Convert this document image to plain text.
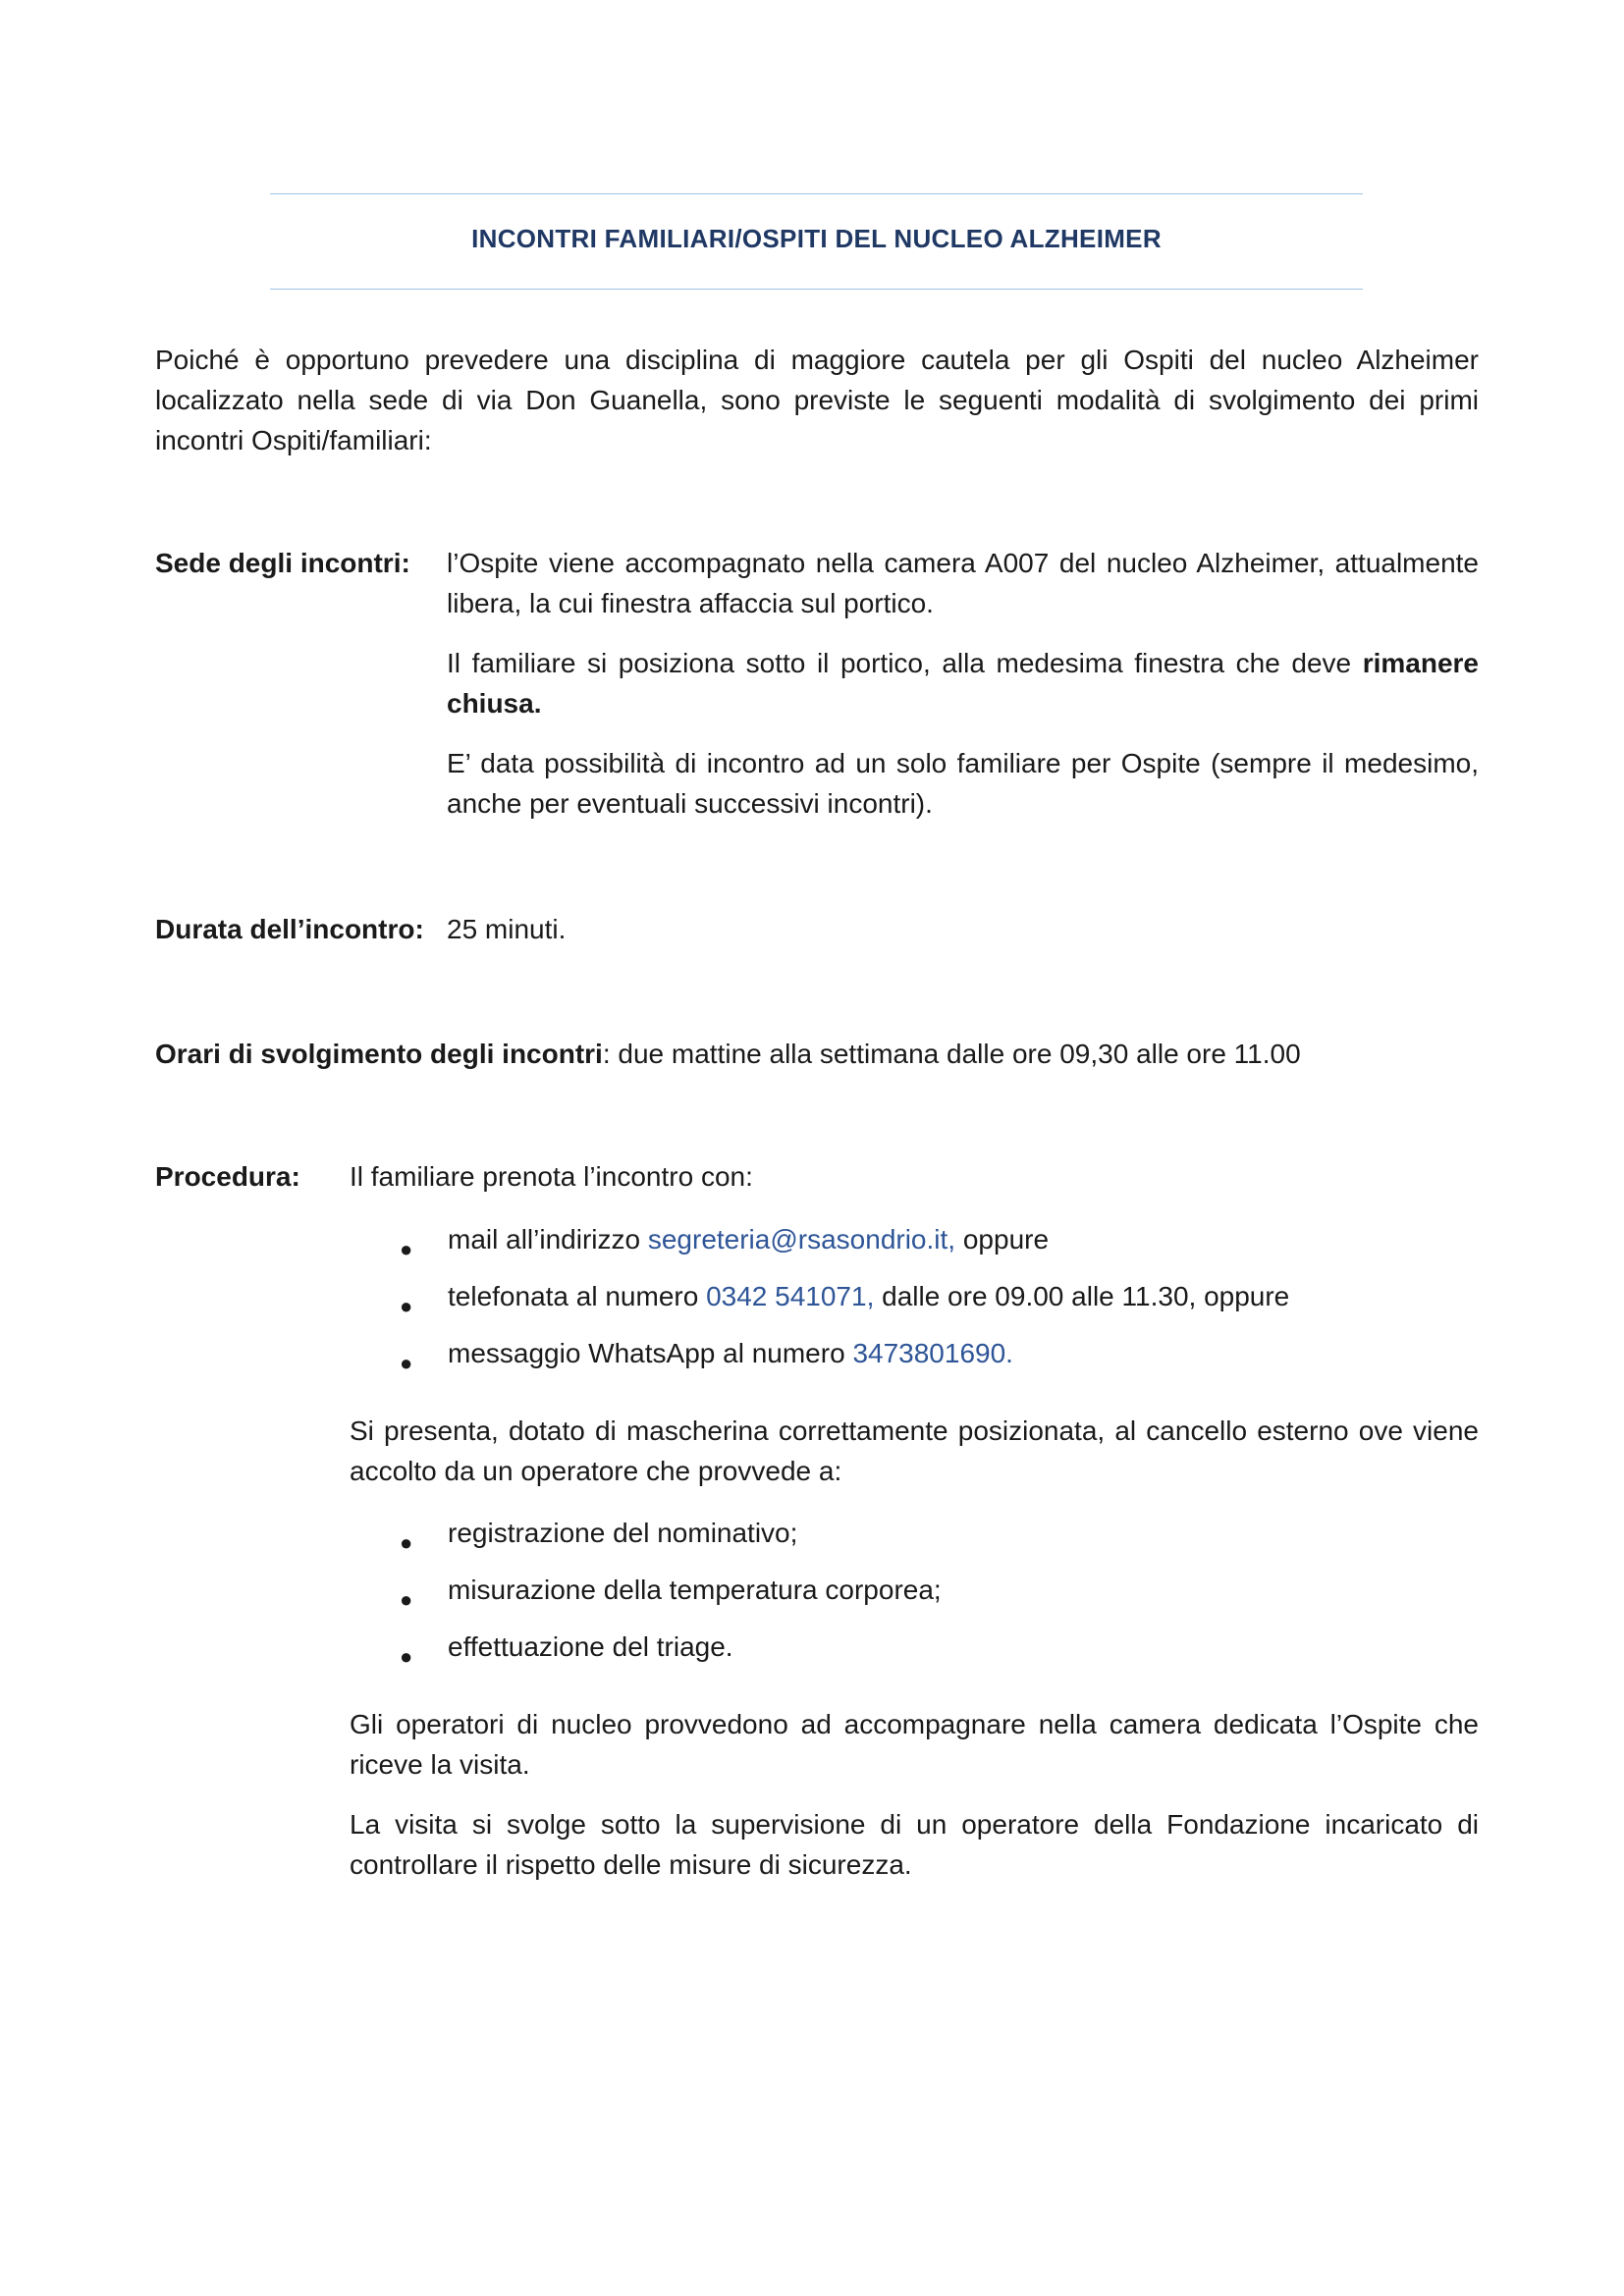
INCONTRI FAMILIARI/OSPITI DEL NUCLEO ALZHEIMER
Poiché è opportuno prevedere una disciplina di maggiore cautela per gli Ospiti del nucleo Alzheimer localizzato nella sede di via Don Guanella, sono previste le seguenti modalità di svolgimento dei primi incontri Ospiti/familiari:
Sede degli incontri: l’Ospite viene accompagnato nella camera A007 del nucleo Alzheimer, attualmente libera, la cui finestra affaccia sul portico.

Il familiare si posiziona sotto il portico, alla medesima finestra che deve rimanere chiusa.

E’ data possibilità di incontro ad un solo familiare per Ospite (sempre il medesimo, anche per eventuali successivi incontri).

Durata dell’incontro: 25 minuti.
Orari di svolgimento degli incontri: due mattine alla settimana dalle ore 09,30 alle ore 11.00
Procedura: Il familiare prenota l’incontro con:
● mail all’indirizzo segreteria@rsasondrio.it, oppure
● telefonata al numero 0342 541071, dalle ore 09.00 alle 11.30, oppure
● messaggio WhatsApp al numero 3473801690.
Si presenta, dotato di mascherina correttamente posizionata, al cancello esterno ove viene accolto da un operatore che provvede a:
● registrazione del nominativo;
● misurazione della temperatura corporea;
● effettuazione del triage.
Gli operatori di nucleo provvedono ad accompagnare nella camera dedicata l’Ospite che riceve la visita.
La visita si svolge sotto la supervisione di un operatore della Fondazione incaricato di controllare il rispetto delle misure di sicurezza.
